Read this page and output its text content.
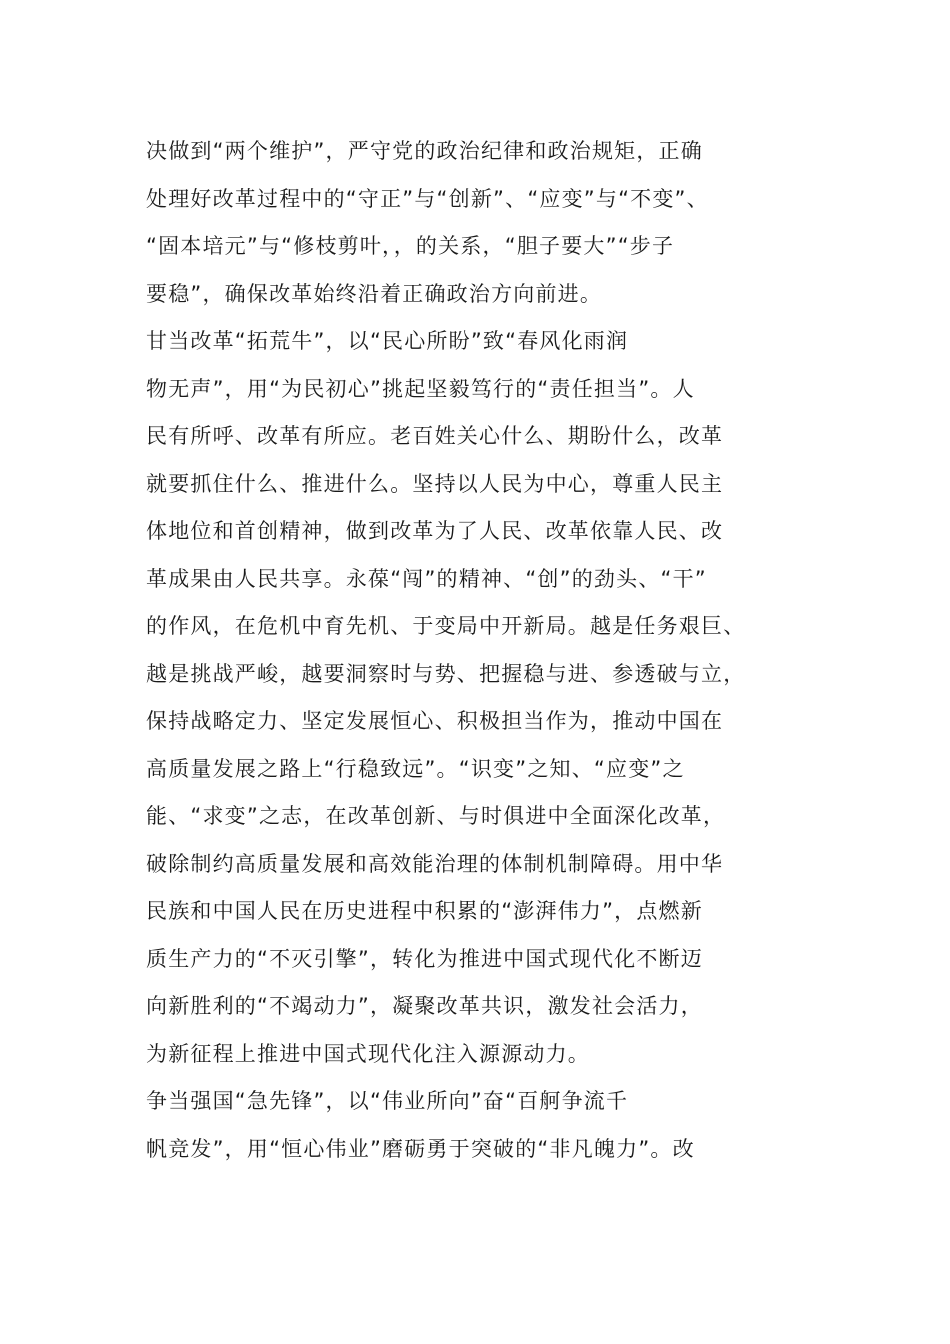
决做到“两个维护”，严守党的政治纪律和政治规矩，正确
处理好改革过程中的“守正”与“创新”、“应变”与“不变”、
“固本培元”与“修枝剪叶，，的关系，“胆子要大”“步子
要稳”，确保改革始终沿着正确政治方向前进。
甘当改革“拓荒牛”，以“民心所盼”致“春风化雨润
物无声”，用“为民初心”挑起坚毅笃行的“责任担当”。人
民有所呼、改革有所应。老百姓关心什么、期盼什么，改革
就要抓住什么、推进什么。坚持以人民为中心，尊重人民主
体地位和首创精神，做到改革为了人民、改革依靠人民、改
革成果由人民共享。永葆“闯”的精神、“创”的劲头、“干”
的作风，在危机中育先机、于变局中开新局。越是任务艰巨、
越是挑战严峻，越要洞察时与势、把握稳与进、参透破与立，
保持战略定力、坚定发展恒心、积极担当作为，推动中国在
高质量发展之路上“行稳致远”。“识变”之知、“应变”之
能、“求变”之志，在改革创新、与时俱进中全面深化改革，
破除制约高质量发展和高效能治理的体制机制障碍。用中华
民族和中国人民在历史进程中积累的“澎湃伟力”，点燃新
质生产力的“不灭引擎”，转化为推进中国式现代化不断迈
向新胜利的“不竭动力”，凝聚改革共识，激发社会活力，
为新征程上推进中国式现代化注入源源动力。
争当强国“急先锋”，以“伟业所向”奋“百舸争流千
帆竞发”，用“恒心伟业”磨砺勇于突破的“非凡魄力”。改
